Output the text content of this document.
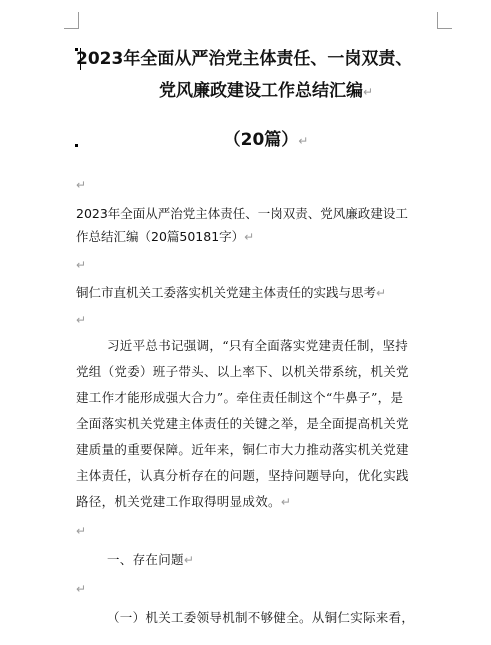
2023年全面从严治党主体责任、一岗双责、
党风廉政建设工作总结汇编↵
（20篇）↵
↵
2023年全面从严治党主体责任、一岗双责、党风廉政建设工
作总结汇编（20篇50181字）↵
↵
铜仁市直机关工委落实机关党建主体责任的实践与思考↵
↵
习近平总书记强调，“只有全面落实党建责任制，坚持
党组（党委）班子带头、以上率下、以机关带系统，机关党
建工作才能形成强大合力”。牵住责任制这个“牛鼻子”，是
全面落实机关党建主体责任的关键之举，是全面提高机关党
建质量的重要保障。近年来，铜仁市大力推动落实机关党建
主体责任，认真分析存在的问题，坚持问题导向，优化实践
路径，机关党建工作取得明显成效。↵
↵
一、存在问题↵
↵
（一）机关工委领导机制不够健全。从铜仁实际来看，
